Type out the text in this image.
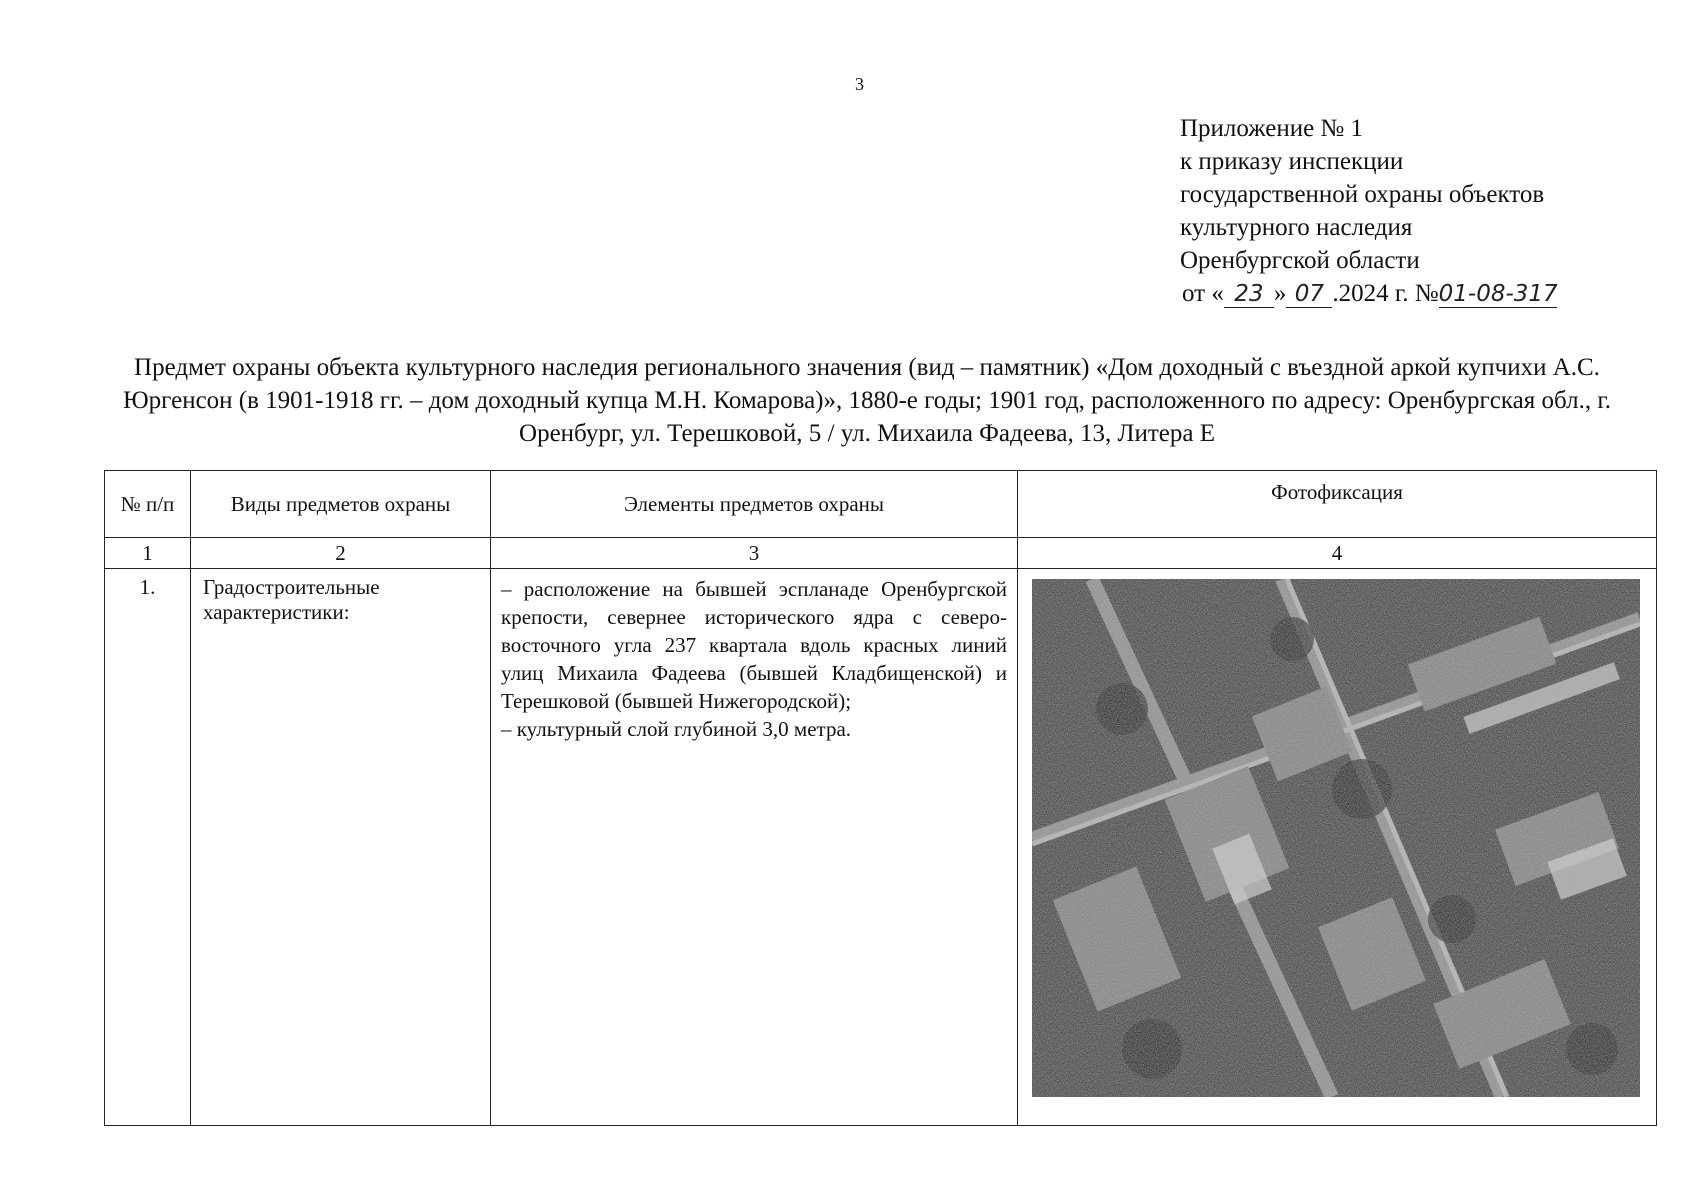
3
Приложение № 1
к приказу инспекции
государственной охраны объектов
культурного наследия
Оренбургской области
от « 23 » 07 .2024 г. №01-08-317
Предмет охраны объекта культурного наследия регионального значения (вид – памятник) «Дом доходный с въездной аркой купчихи А.С. Юргенсон (в 1901-1918 гг. – дом доходный купца М.Н. Комарова)», 1880-е годы; 1901 год, расположенного по адресу: Оренбургская обл., г. Оренбург, ул. Терешковой, 5 / ул. Михаила Фадеева, 13, Литера Е
№ п/п	Виды предметов охраны	Элементы предметов охраны	Фотофиксация
1	2	3	4
1.	Градостроительные характеристики:	– расположение на бывшей эспланаде Оренбургской крепости, севернее исторического ядра с северо-восточного угла 237 квартала вдоль красных линий улиц Михаила Фадеева (бывшей Кладбищенской) и Терешковой (бывшей Нижегородской);

– культурный слой глубиной 3,0 метра.
